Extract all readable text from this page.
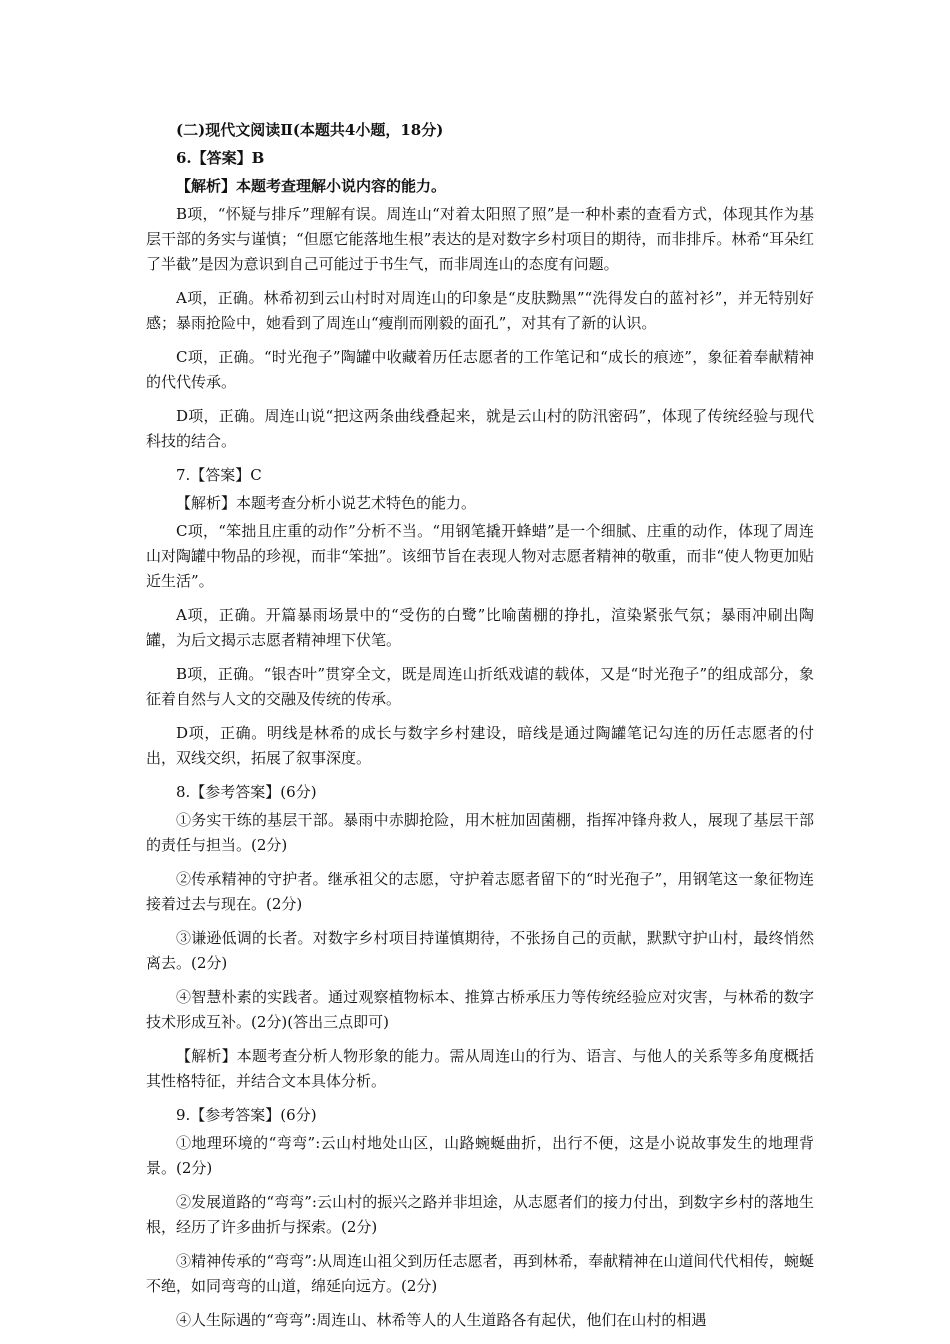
(二)现代文阅读Ⅱ(本题共4小题，18分)

6.【答案】B

【解析】本题考查理解小说内容的能力。

B项，“怀疑与排斥”理解有误。周连山“对着太阳照了照”是一种朴素的查看方式，体现其作为基层干部的务实与谨慎；“但愿它能落地生根”表达的是对数字乡村项目的期待，而非排斥。林希“耳朵红了半截”是因为意识到自己可能过于书生气，而非周连山的态度有问题。

A项，正确。林希初到云山村时对周连山的印象是“皮肤黝黑”“洗得发白的蓝衬衫”，并无特别好感；暴雨抢险中，她看到了周连山“瘦削而刚毅的面孔”，对其有了新的认识。

C项，正确。“时光孢子”陶罐中收藏着历任志愿者的工作笔记和“成长的痕迹”，象征着奉献精神的代代传承。

D项，正确。周连山说“把这两条曲线叠起来，就是云山村的防汛密码”，体现了传统经验与现代科技的结合。

7.【答案】C

【解析】本题考查分析小说艺术特色的能力。

C项，“笨拙且庄重的动作”分析不当。“用钢笔撬开蜂蜡”是一个细腻、庄重的动作，体现了周连山对陶罐中物品的珍视，而非“笨拙”。该细节旨在表现人物对志愿者精神的敬重，而非“使人物更加贴近生活”。

A项，正确。开篇暴雨场景中的“受伤的白鹭”比喻菌棚的挣扎，渲染紧张气氛；暴雨冲刷出陶罐，为后文揭示志愿者精神埋下伏笔。

B项，正确。“银杏叶”贯穿全文，既是周连山折纸戏谑的载体，又是“时光孢子”的组成部分，象征着自然与人文的交融及传统的传承。

D项，正确。明线是林希的成长与数字乡村建设，暗线是通过陶罐笔记勾连的历任志愿者的付出，双线交织，拓展了叙事深度。

8.【参考答案】(6分)

①务实干练的基层干部。暴雨中赤脚抢险，用木桩加固菌棚，指挥冲锋舟救人，展现了基层干部的责任与担当。(2分)

②传承精神的守护者。继承祖父的志愿，守护着志愿者留下的“时光孢子”，用钢笔这一象征物连接着过去与现在。(2分)

③谦逊低调的长者。对数字乡村项目持谨慎期待，不张扬自己的贡献，默默守护山村，最终悄然离去。(2分)

④智慧朴素的实践者。通过观察植物标本、推算古桥承压力等传统经验应对灾害，与林希的数字技术形成互补。(2分)(答出三点即可)

【解析】本题考查分析人物形象的能力。需从周连山的行为、语言、与他人的关系等多角度概括其性格特征，并结合文本具体分析。

9.【参考答案】(6分)

①地理环境的“弯弯”:云山村地处山区，山路蜿蜒曲折，出行不便，这是小说故事发生的地理背景。(2分)

②发展道路的“弯弯”:云山村的振兴之路并非坦途，从志愿者们的接力付出，到数字乡村的落地生根，经历了许多曲折与探索。(2分)

③精神传承的“弯弯”:从周连山祖父到历任志愿者，再到林希，奉献精神在山道间代代相传，蜿蜒不绝，如同弯弯的山道，绵延向远方。(2分)

④人生际遇的“弯弯”:周连山、林希等人的人生道路各有起伏，他们在山村的相遇
